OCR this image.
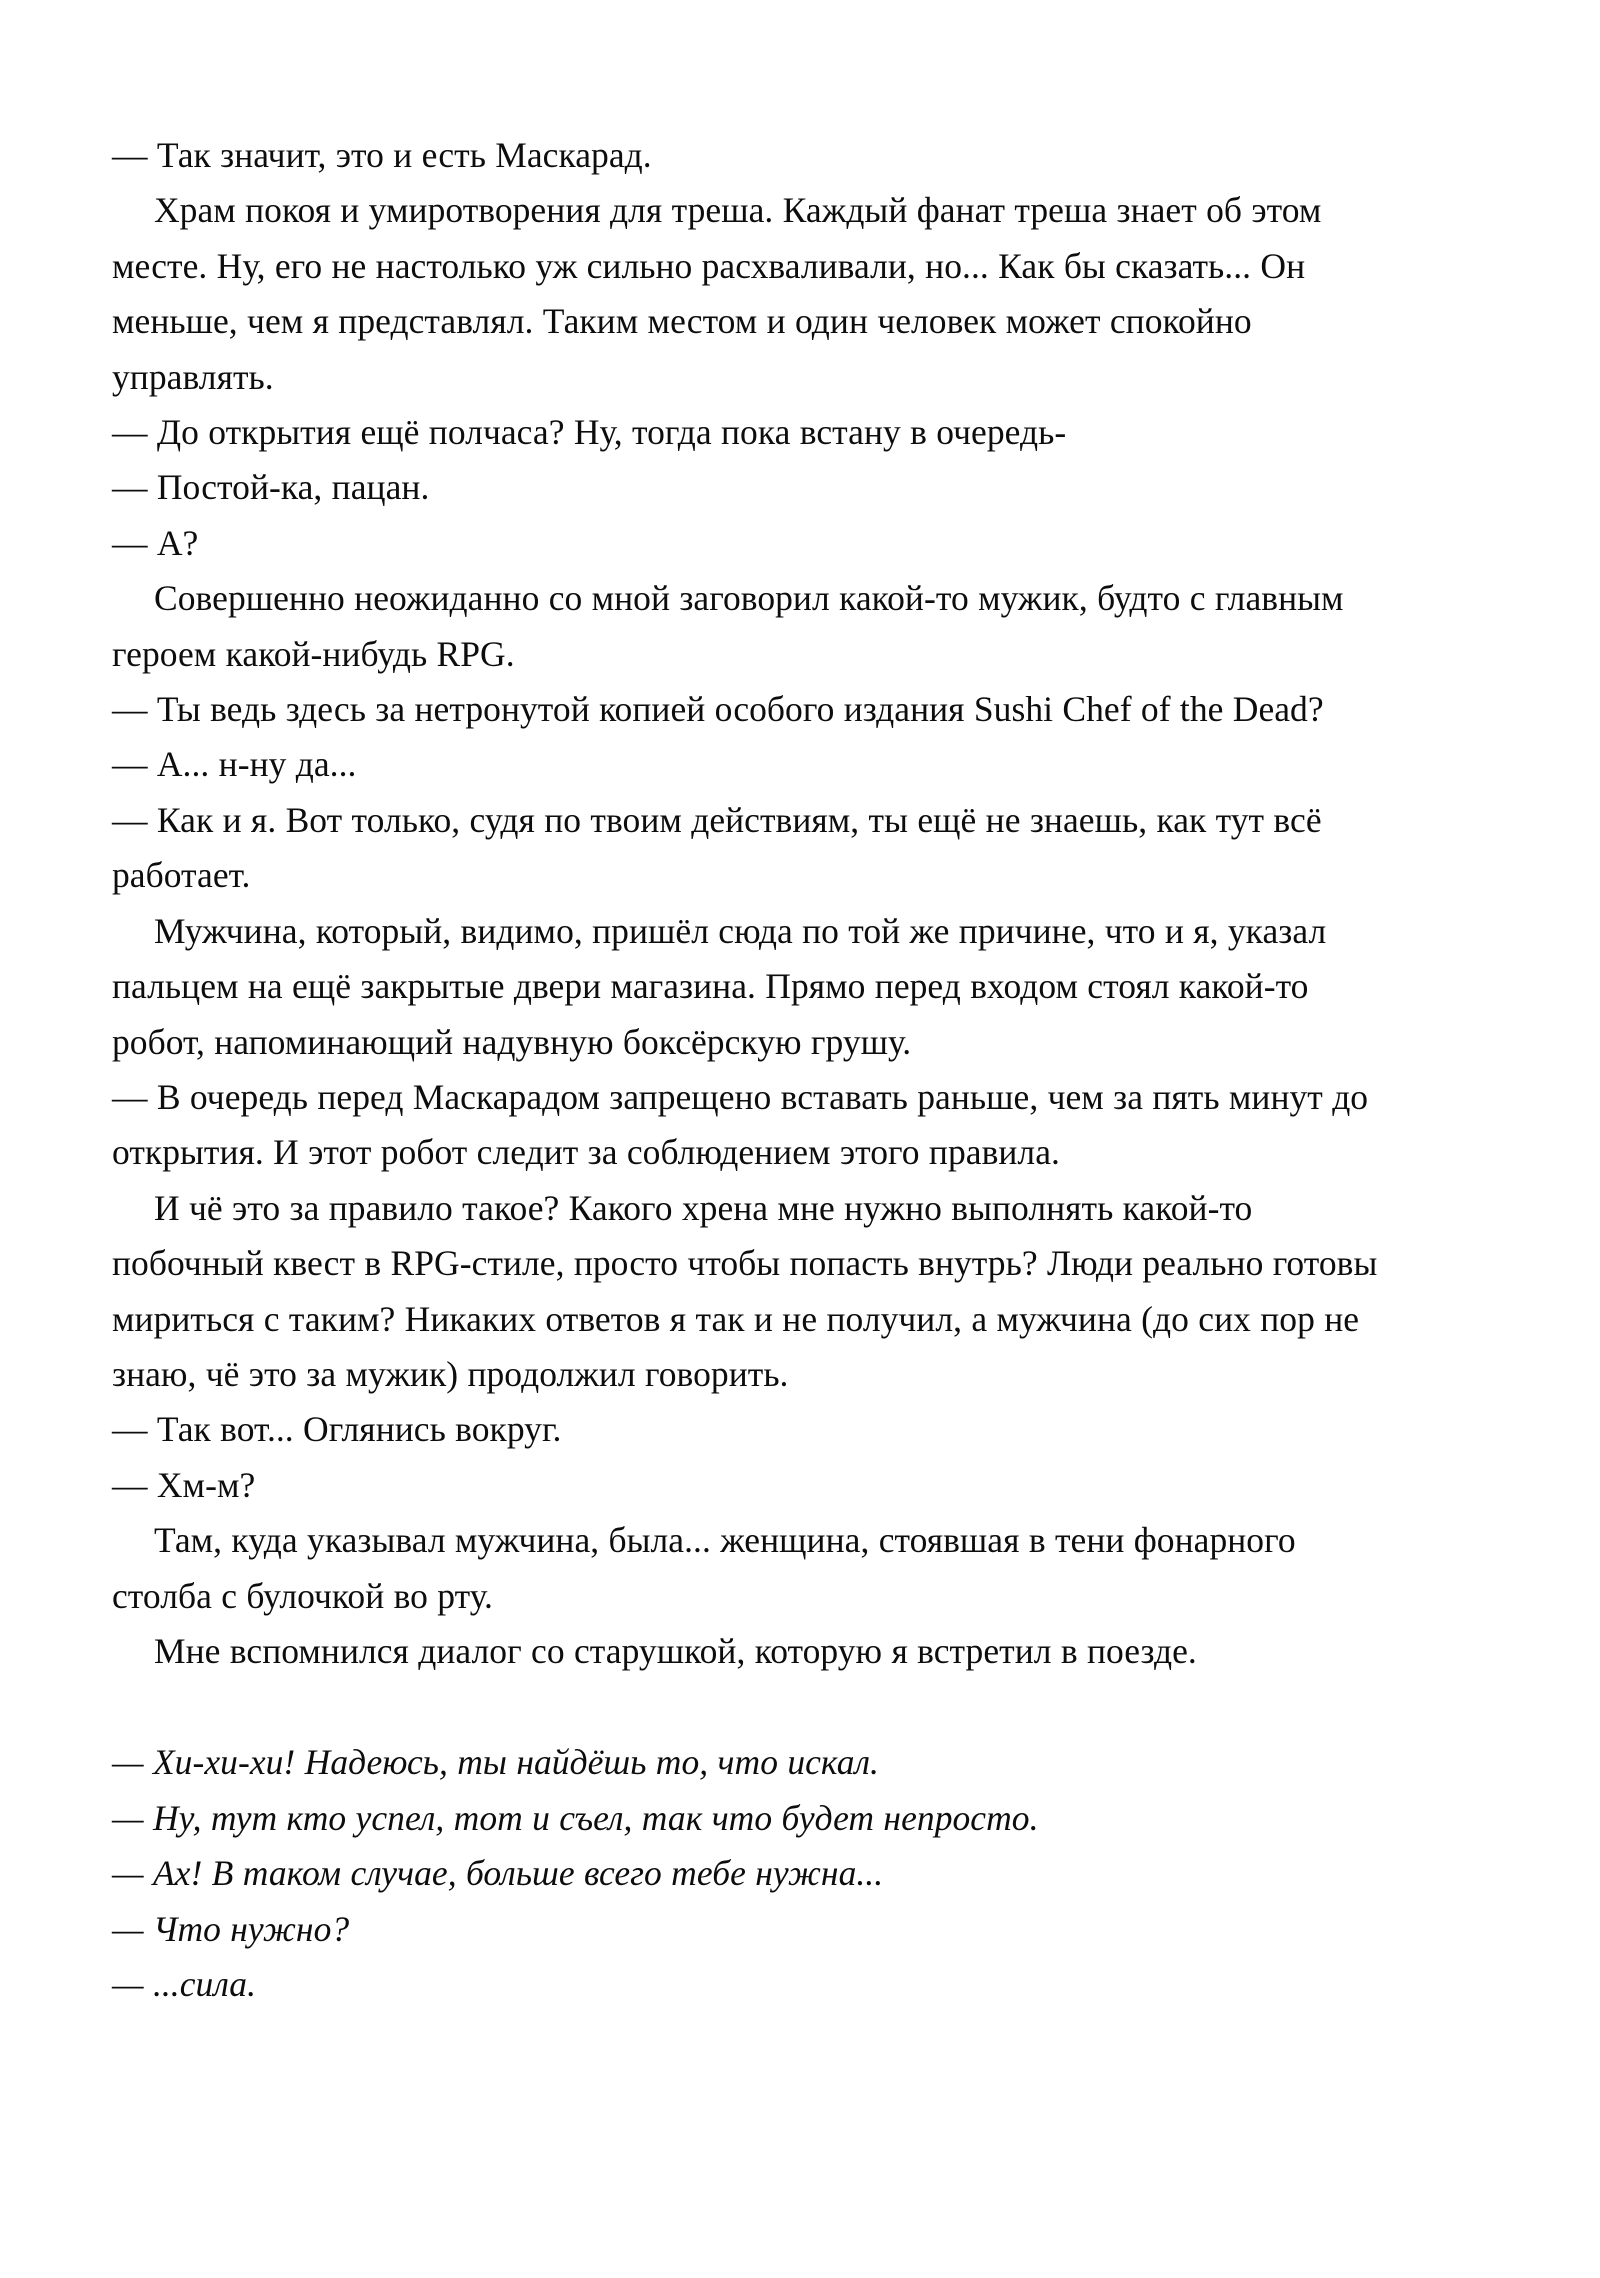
— Так значит, это и есть Маскарад.

Храм покоя и умиротворения для треша. Каждый фанат треша знает об этом месте. Ну, его не настолько уж сильно расхваливали, но... Как бы сказать... Он меньше, чем я представлял. Таким местом и один человек может спокойно управлять.

— До открытия ещё полчаса? Ну, тогда пока встану в очередь-

— Постой-ка, пацан.

— А?

Совершенно неожиданно со мной заговорил какой-то мужик, будто с главным героем какой-нибудь RPG.

— Ты ведь здесь за нетронутой копией особого издания Sushi Chef of the Dead?

— А... н-ну да...

— Как и я. Вот только, судя по твоим действиям, ты ещё не знаешь, как тут всё работает.

Мужчина, который, видимо, пришёл сюда по той же причине, что и я, указал пальцем на ещё закрытые двери магазина. Прямо перед входом стоял какой-то робот, напоминающий надувную боксёрскую грушу.

— В очередь перед Маскарадом запрещено вставать раньше, чем за пять минут до открытия. И этот робот следит за соблюдением этого правила.

И чё это за правило такое? Какого хрена мне нужно выполнять какой-то побочный квест в RPG-стиле, просто чтобы попасть внутрь? Люди реально готовы мириться с таким? Никаких ответов я так и не получил, а мужчина (до сих пор не знаю, чё это за мужик) продолжил говорить.

— Так вот... Оглянись вокруг.

— Хм-м?

Там, куда указывал мужчина, была... женщина, стоявшая в тени фонарного столба с булочкой во рту.

Мне вспомнился диалог со старушкой, которую я встретил в поезде.

— Хи-хи-хи! Надеюсь, ты найдёшь то, что искал.

— Ну, тут кто успел, тот и съел, так что будет непросто.

— Ах! В таком случае, больше всего тебе нужна...

— Что нужно?

— ...сила.
